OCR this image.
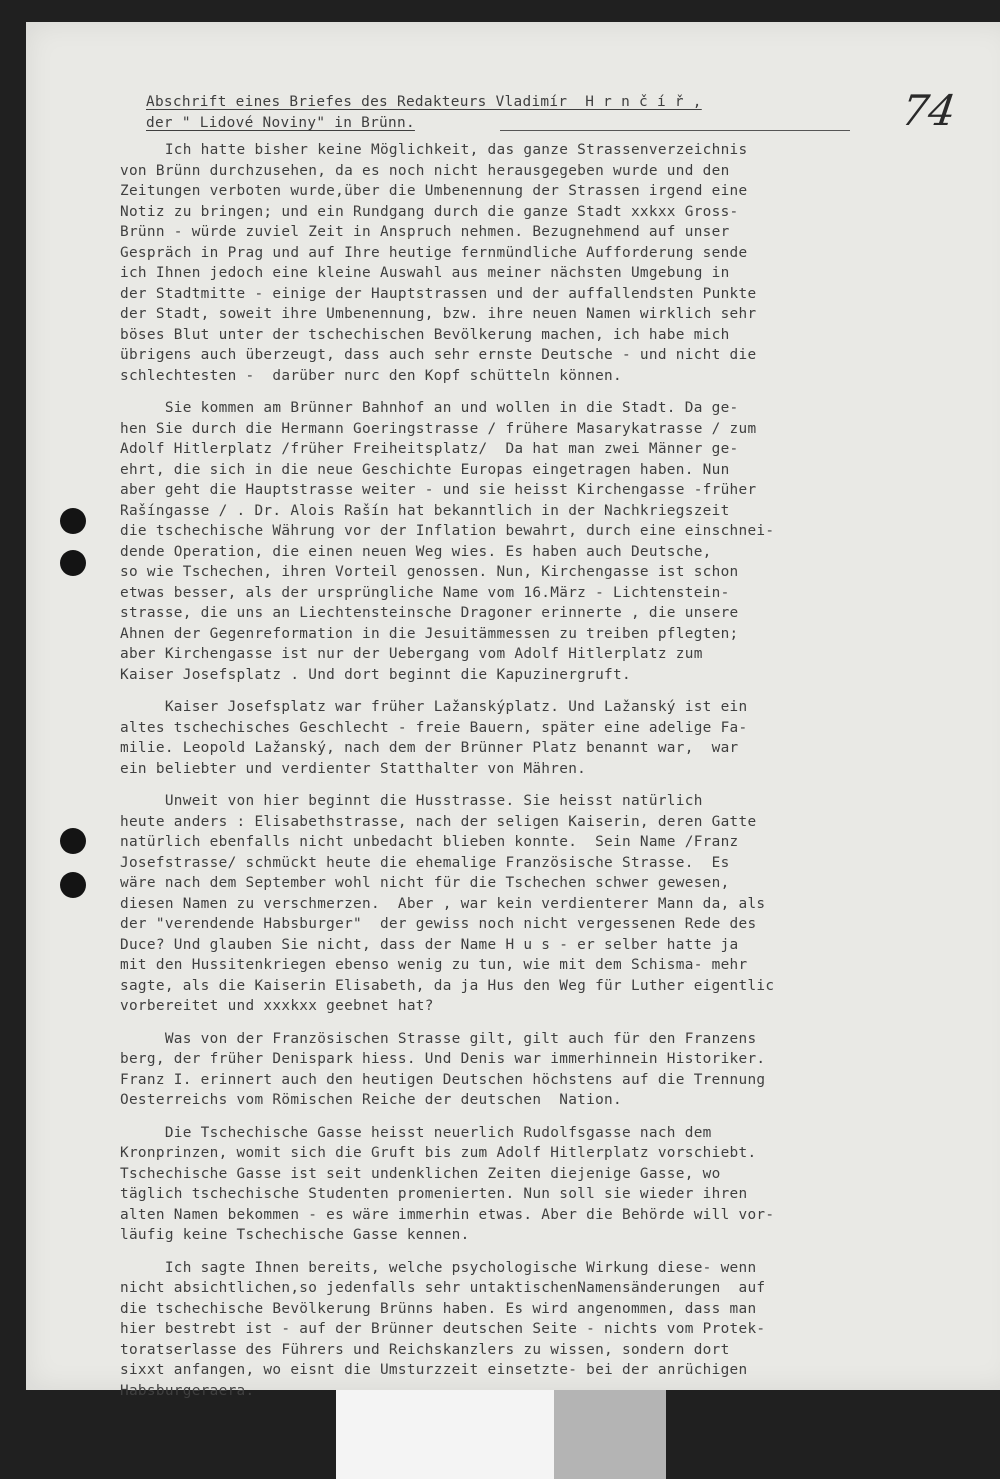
74
Abschrift eines Briefes des Redakteurs Vladimír  H r n č í ř ,
der " Lidové Noviny" in Brünn.
Ich hatte bisher keine Möglichkeit, das ganze Strassenverzeichnis
von Brünn durchzusehen, da es noch nicht herausgegeben wurde und den
Zeitungen verboten wurde,über die Umbenennung der Strassen irgend eine
Notiz zu bringen; und ein Rundgang durch die ganze Stadt xxkxx Gross-
Brünn - würde zuviel Zeit in Anspruch nehmen. Bezugnehmend auf unser
Gespräch in Prag und auf Ihre heutige fernmündliche Aufforderung sende
ich Ihnen jedoch eine kleine Auswahl aus meiner nächsten Umgebung in
der Stadtmitte - einige der Hauptstrassen und der auffallendsten Punkte
der Stadt, soweit ihre Umbenennung, bzw. ihre neuen Namen wirklich sehr
böses Blut unter der tschechischen Bevölkerung machen, ich habe mich
übrigens auch überzeugt, dass auch sehr ernste Deutsche - und nicht die
schlechtesten -  darüber nurc den Kopf schütteln können.
Sie kommen am Brünner Bahnhof an und wollen in die Stadt. Da ge-
hen Sie durch die Hermann Goeringstrasse / frühere Masarykatrasse / zum
Adolf Hitlerplatz /früher Freiheitsplatz/  Da hat man zwei Männer ge-
ehrt, die sich in die neue Geschichte Europas eingetragen haben. Nun
aber geht die Hauptstrasse weiter - und sie heisst Kirchengasse -früher
Rašíngasse / . Dr. Alois Rašín hat bekanntlich in der Nachkriegszeit
die tschechische Währung vor der Inflation bewahrt, durch eine einschnei-
dende Operation, die einen neuen Weg wies. Es haben auch Deutsche,
so wie Tschechen, ihren Vorteil genossen. Nun, Kirchengasse ist schon
etwas besser, als der ursprüngliche Name vom 16.März - Lichtenstein-
strasse, die uns an Liechtensteinsche Dragoner erinnerte , die unsere
Ahnen der Gegenreformation in die Jesuitämmessen zu treiben pflegten;
aber Kirchengasse ist nur der Uebergang vom Adolf Hitlerplatz zum
Kaiser Josefsplatz . Und dort beginnt die Kapuzinergruft.
Kaiser Josefsplatz war früher Lažanskýplatz. Und Lažanský ist ein
altes tschechisches Geschlecht - freie Bauern, später eine adelige Fa-
milie. Leopold Lažanský, nach dem der Brünner Platz benannt war,  war
ein beliebter und verdienter Statthalter von Mähren.
Unweit von hier beginnt die Husstrasse. Sie heisst natürlich
heute anders : Elisabethstrasse, nach der seligen Kaiserin, deren Gatte
natürlich ebenfalls nicht unbedacht blieben konnte.  Sein Name /Franz
Josefstrasse/ schmückt heute die ehemalige Französische Strasse.  Es
wäre nach dem September wohl nicht für die Tschechen schwer gewesen,
diesen Namen zu verschmerzen.  Aber , war kein verdienterer Mann da, als
der "verendende Habsburger"  der gewiss noch nicht vergessenen Rede des
Duce? Und glauben Sie nicht, dass der Name H u s - er selber hatte ja
mit den Hussitenkriegen ebenso wenig zu tun, wie mit dem Schisma- mehr
sagte, als die Kaiserin Elisabeth, da ja Hus den Weg für Luther eigentlic
vorbereitet und xxxkxx geebnet hat?
Was von der Französischen Strasse gilt, gilt auch für den Franzens
berg, der früher Denispark hiess. Und Denis war immerhinnein Historiker.
Franz I. erinnert auch den heutigen Deutschen höchstens auf die Trennung
Oesterreichs vom Römischen Reiche der deutschen  Nation.
Die Tschechische Gasse heisst neuerlich Rudolfsgasse nach dem
Kronprinzen, womit sich die Gruft bis zum Adolf Hitlerplatz vorschiebt.
Tschechische Gasse ist seit undenklichen Zeiten diejenige Gasse, wo
täglich tschechische Studenten promenierten. Nun soll sie wieder ihren
alten Namen bekommen - es wäre immerhin etwas. Aber die Behörde will vor-
läufig keine Tschechische Gasse kennen.
Ich sagte Ihnen bereits, welche psychologische Wirkung diese- wenn
nicht absichtlichen,so jedenfalls sehr untaktischenNamensänderungen  auf
die tschechische Bevölkerung Brünns haben. Es wird angenommen, dass man
hier bestrebt ist - auf der Brünner deutschen Seite - nichts vom Protek-
toratserlasse des Führers und Reichskanzlers zu wissen, sondern dort
sixxt anfangen, wo eisnt die Umsturzzeit einsetzte- bei der anrüchigen
Habsburgeraera.
